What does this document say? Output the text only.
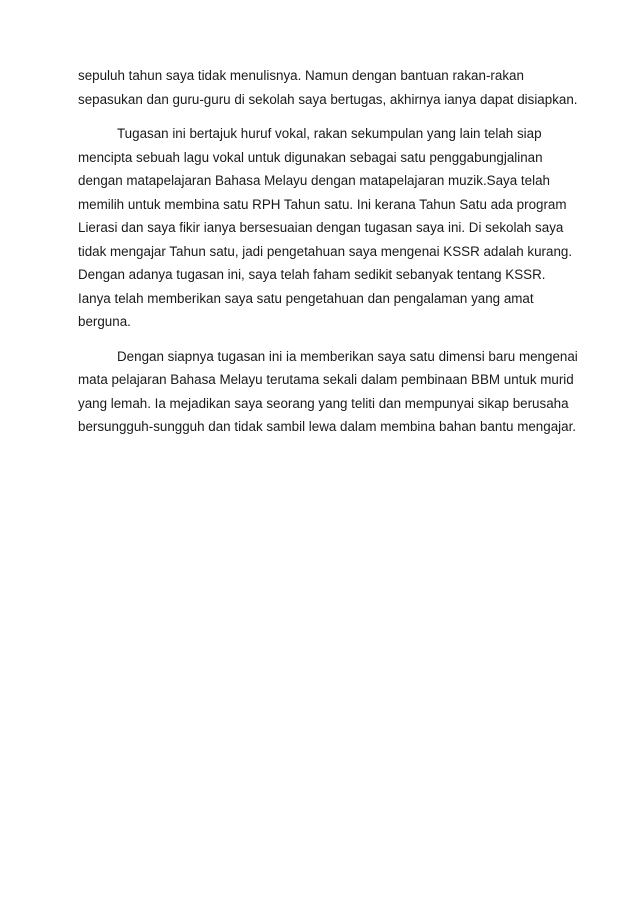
sepuluh tahun saya tidak menulisnya. Namun dengan bantuan rakan-rakan
sepasukan dan guru-guru di sekolah saya bertugas, akhirnya ianya dapat disiapkan.
Tugasan ini bertajuk huruf vokal, rakan sekumpulan yang lain telah siap
mencipta sebuah lagu vokal untuk digunakan sebagai satu penggabungjalinan
dengan matapelajaran Bahasa Melayu dengan matapelajaran muzik.Saya telah
memilih untuk membina satu RPH Tahun satu. Ini kerana Tahun Satu ada program
Lierasi dan saya fikir ianya bersesuaian dengan tugasan saya ini. Di sekolah saya
tidak mengajar Tahun satu, jadi pengetahuan saya mengenai KSSR adalah kurang.
Dengan adanya tugasan ini, saya telah faham sedikit sebanyak tentang KSSR.
Ianya telah memberikan saya satu pengetahuan dan pengalaman yang amat
berguna.
Dengan siapnya tugasan ini ia memberikan saya satu dimensi baru mengenai
mata pelajaran Bahasa Melayu terutama sekali dalam pembinaan BBM untuk murid
yang lemah. Ia mejadikan saya seorang yang teliti dan mempunyai sikap berusaha
bersungguh-sungguh dan tidak sambil lewa dalam membina bahan bantu mengajar.
